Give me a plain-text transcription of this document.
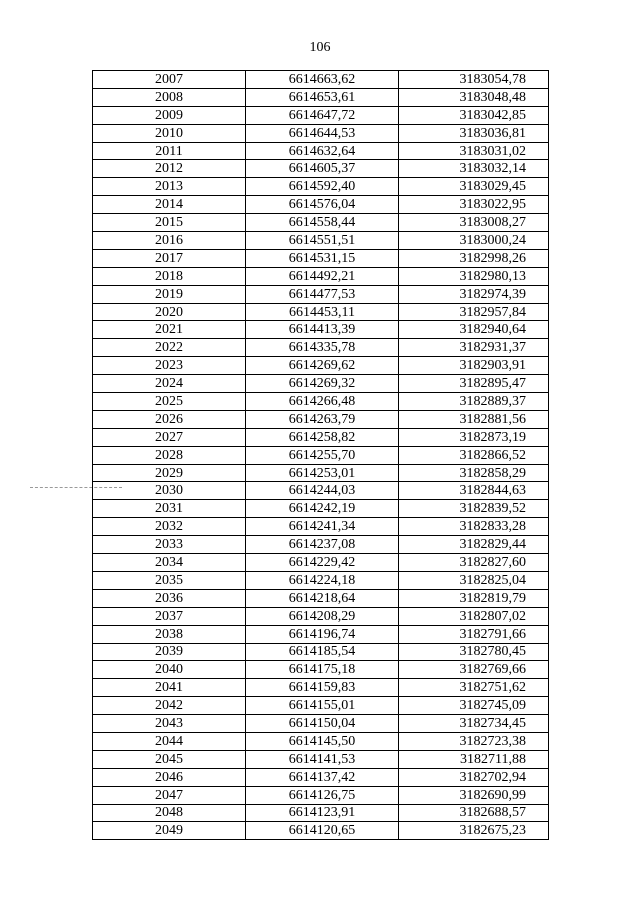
106
2007	6614663,62	3183054,78
2008	6614653,61	3183048,48
2009	6614647,72	3183042,85
2010	6614644,53	3183036,81
2011	6614632,64	3183031,02
2012	6614605,37	3183032,14
2013	6614592,40	3183029,45
2014	6614576,04	3183022,95
2015	6614558,44	3183008,27
2016	6614551,51	3183000,24
2017	6614531,15	3182998,26
2018	6614492,21	3182980,13
2019	6614477,53	3182974,39
2020	6614453,11	3182957,84
2021	6614413,39	3182940,64
2022	6614335,78	3182931,37
2023	6614269,62	3182903,91
2024	6614269,32	3182895,47
2025	6614266,48	3182889,37
2026	6614263,79	3182881,56
2027	6614258,82	3182873,19
2028	6614255,70	3182866,52
2029	6614253,01	3182858,29
2030	6614244,03	3182844,63
2031	6614242,19	3182839,52
2032	6614241,34	3182833,28
2033	6614237,08	3182829,44
2034	6614229,42	3182827,60
2035	6614224,18	3182825,04
2036	6614218,64	3182819,79
2037	6614208,29	3182807,02
2038	6614196,74	3182791,66
2039	6614185,54	3182780,45
2040	6614175,18	3182769,66
2041	6614159,83	3182751,62
2042	6614155,01	3182745,09
2043	6614150,04	3182734,45
2044	6614145,50	3182723,38
2045	6614141,53	3182711,88
2046	6614137,42	3182702,94
2047	6614126,75	3182690,99
2048	6614123,91	3182688,57
2049	6614120,65	3182675,23
